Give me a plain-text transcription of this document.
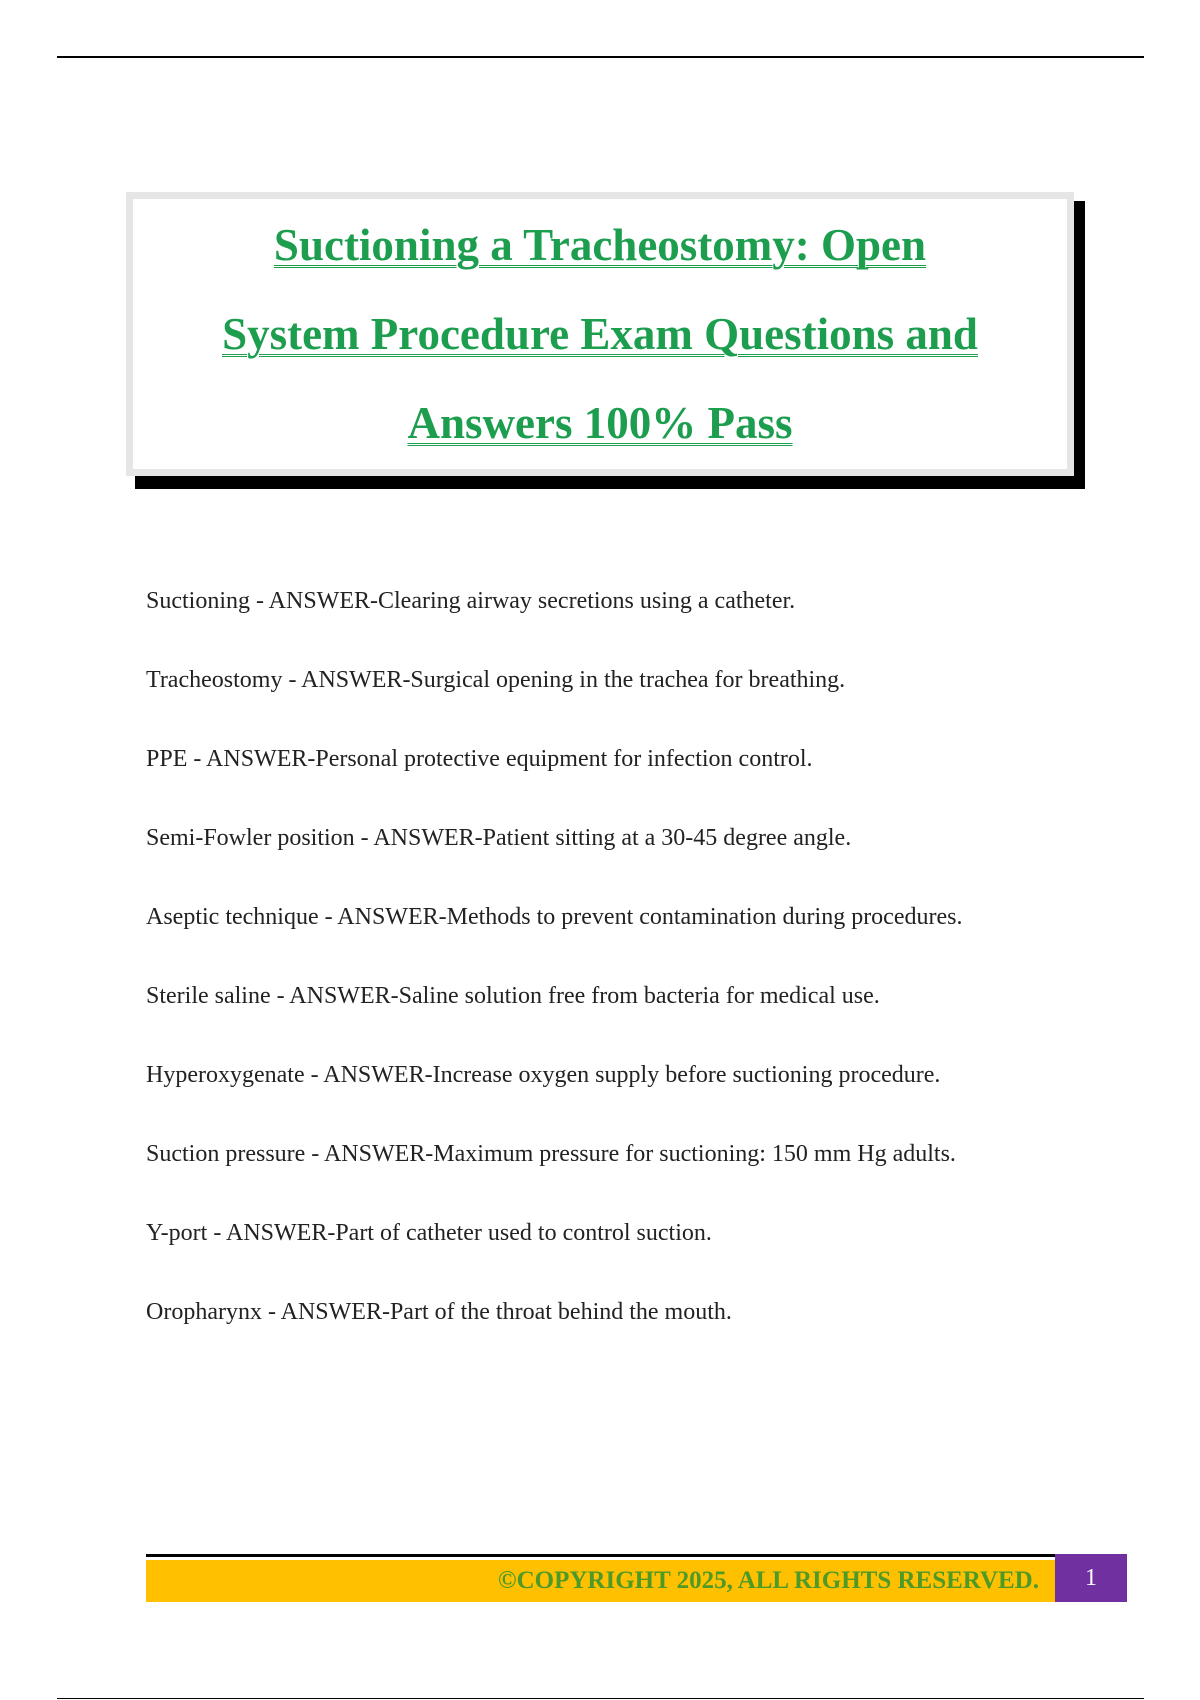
Suctioning a Tracheostomy: Open
System Procedure Exam Questions and
Answers 100% Pass

Suctioning - ANSWER-Clearing airway secretions using a catheter.

Tracheostomy - ANSWER-Surgical opening in the trachea for breathing.

PPE - ANSWER-Personal protective equipment for infection control.

Semi-Fowler position - ANSWER-Patient sitting at a 30-45 degree angle.

Aseptic technique - ANSWER-Methods to prevent contamination during procedures.

Sterile saline - ANSWER-Saline solution free from bacteria for medical use.

Hyperoxygenate - ANSWER-Increase oxygen supply before suctioning procedure.

Suction pressure - ANSWER-Maximum pressure for suctioning: 150 mm Hg adults.

Y-port - ANSWER-Part of catheter used to control suction.

Oropharynx - ANSWER-Part of the throat behind the mouth.

©COPYRIGHT 2025, ALL RIGHTS RESERVED. 1
